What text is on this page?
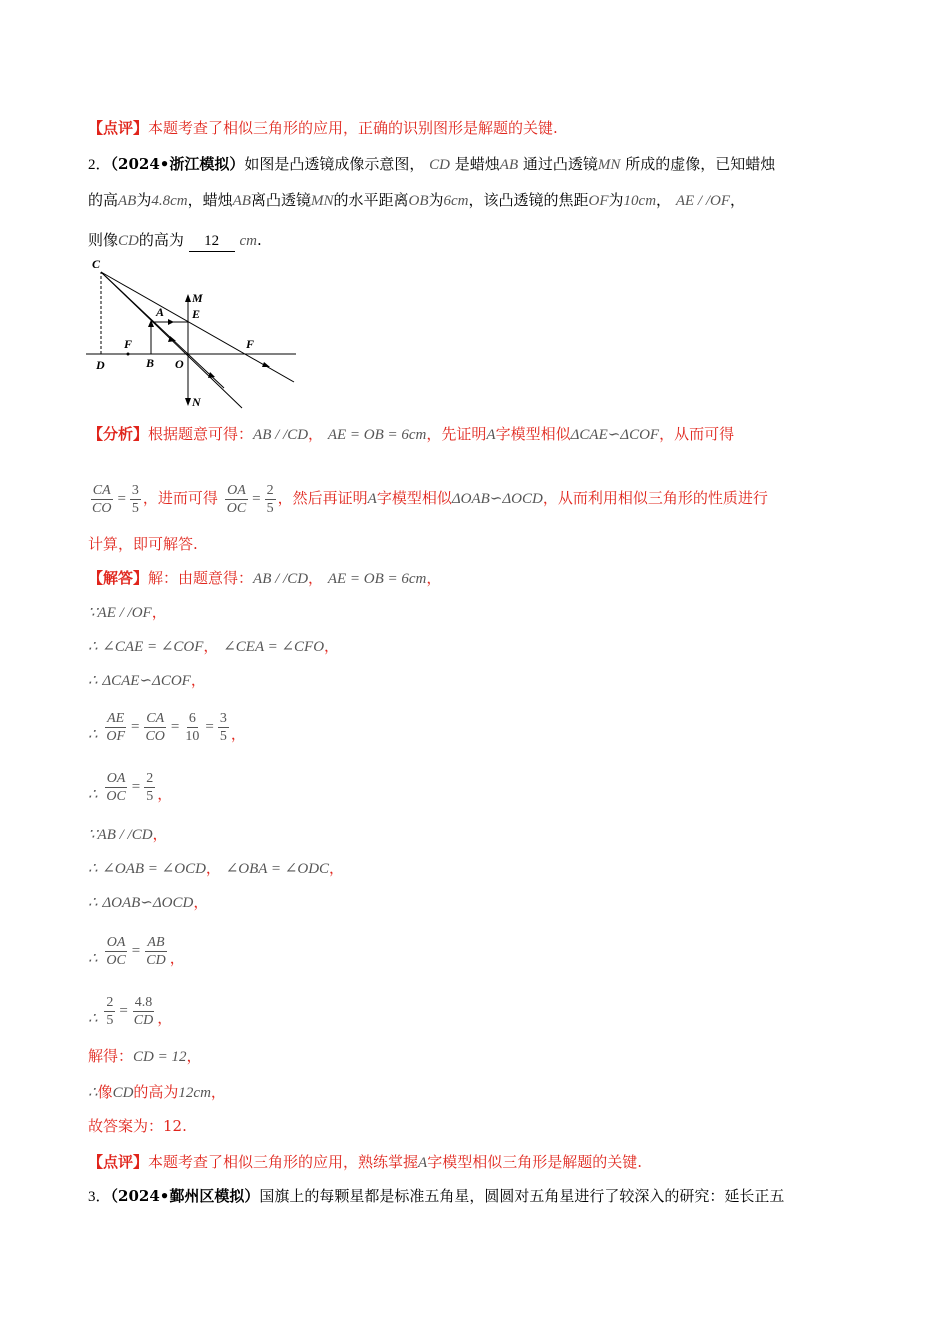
【点评】本题考查了相似三角形的应用，正确的识别图形是解题的关键.
2．（2024•浙江模拟）如图是凸透镜成像示意图， CD 是蜡烛AB 通过凸透镜MN 所成的虚像，已知蜡烛
的高AB为4.8cm，蜡烛AB离凸透镜MN的水平距离OB为6cm，该凸透镜的焦距OF为10cm， AE / /OF，
则像CD的高为 12 cm.
C
M
A E
F	F
D	B O
N
【分析】根据题意可得：AB / /CD， AE = OB = 6cm，先证明A字模型相似ΔCAE∽ΔCOF，从而可得
$\frac{CA}{CO} = \frac{3}{5}$ ，进而可得 $\frac{OA}{OC} = \frac{2}{5}$ ，然后再证明A字模型相似ΔOAB∽ΔOCD，从而利用相似三角形的性质进行
计算，即可解答.
【解答】解：由题意得：AB / /CD， AE = OB = 6cm，
∵AE / /OF，
∴ ∠CAE = ∠COF， ∠CEA = ∠CFO，
∴ ΔCAE∽ΔCOF，
∴ $\frac{AE}{OF} = \frac{CA}{CO} = \frac{6}{10} = \frac{3}{5}$ ，
∴ $\frac{OA}{OC} = \frac{2}{5}$ ，
∵AB / /CD，
∴ ∠OAB = ∠OCD， ∠OBA = ∠ODC，
∴ ΔOAB∽ΔOCD，
∴ $\frac{OA}{OC} = \frac{AB}{CD}$ ，
∴ $\frac{2}{5} = \frac{4.8}{CD}$ ，
解得：CD = 12，
∴像CD的高为12cm，
故答案为：12.
【点评】本题考查了相似三角形的应用，熟练掌握A字模型相似三角形是解题的关键.
3．（2024•鄞州区模拟）国旗上的每颗星都是标准五角星，圆圆对五角星进行了较深入的研究：延长正五
